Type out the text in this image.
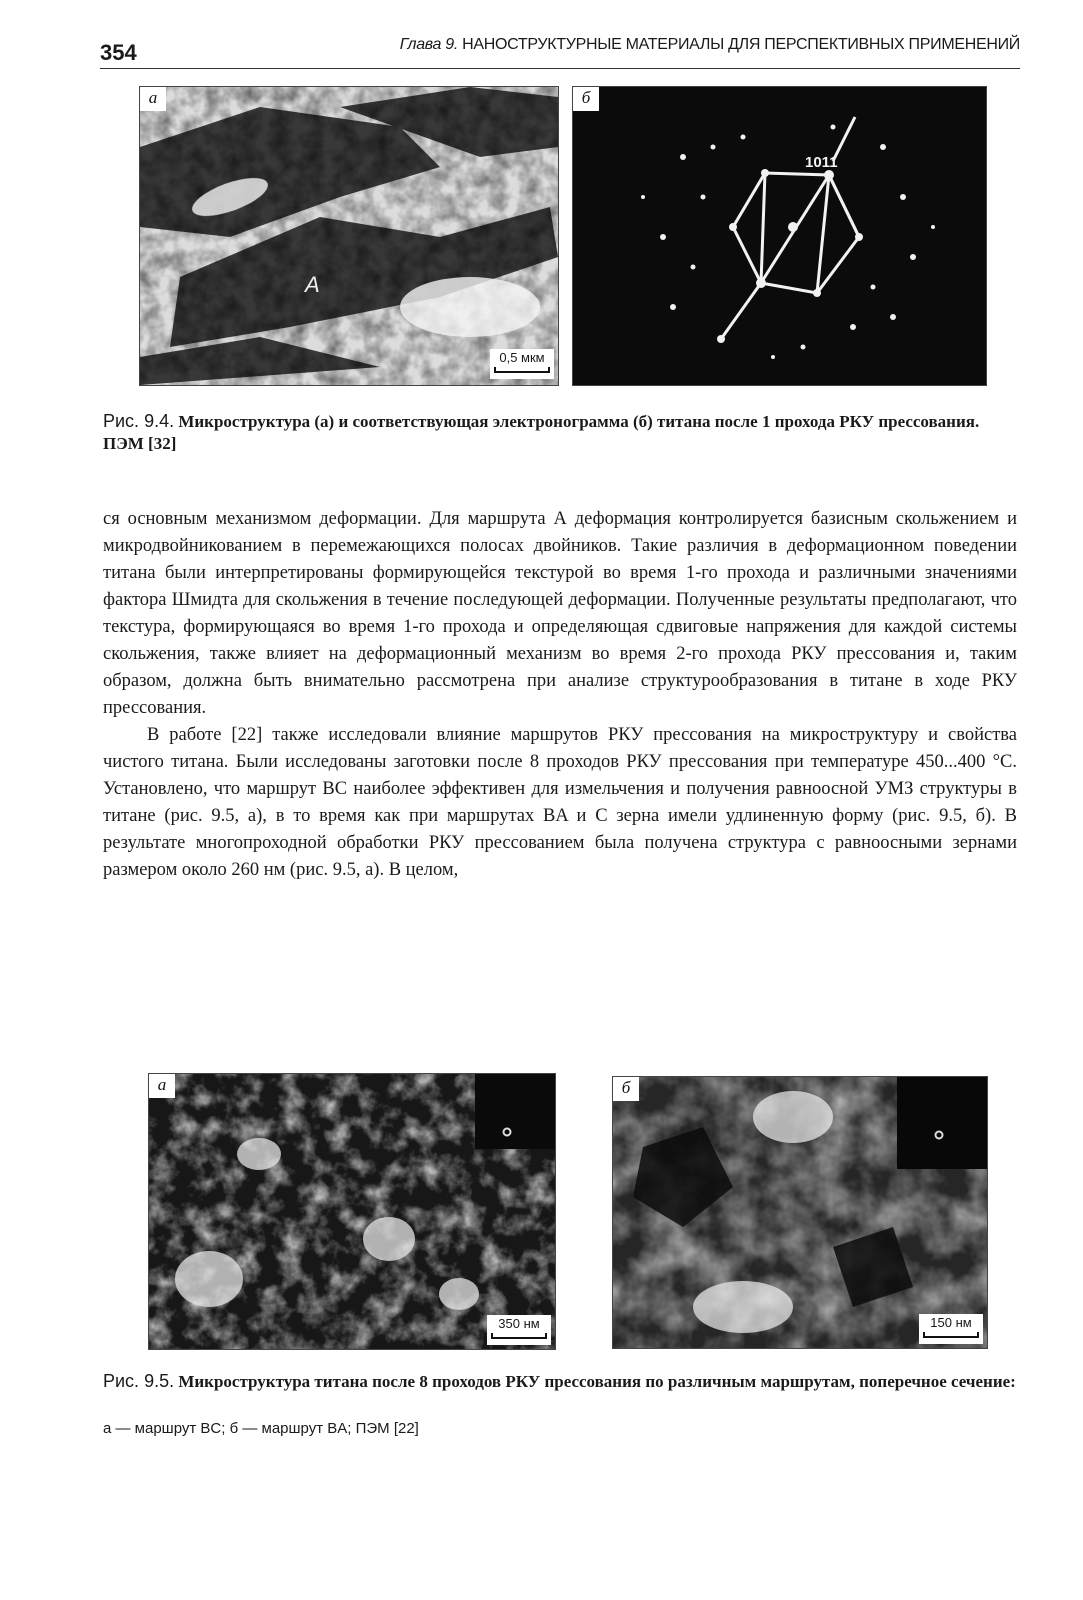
354	Глава 9. НАНОСТРУКТУРНЫЕ МАТЕРИАЛЫ ДЛЯ ПЕРСПЕКТИВНЫХ ПРИМЕНЕНИЙ
A
а
0,5 мкм
1011
б
Рис. 9.4. Микроструктура (а) и соответствующая электронограмма (б) титана после 1 прохода РКУ прессования. ПЭМ [32]

ся основным механизмом деформации. Для маршрута А деформация контролируется базисным скольжением и микродвойникованием в перемежающихся полосах двойников. Такие различия в деформационном поведении титана были интерпретированы формирующейся текстурой во время 1-го прохода и различными значениями фактора Шмидта для скольжения в течение последующей деформации. Полученные результаты предполагают, что текстура, формирующаяся во время 1-го прохода и определяющая сдвиговые напряжения для каждой системы скольжения, также влияет на деформационный механизм во время 2-го прохода РКУ прессования и, таким образом, должна быть внимательно рассмотрена при анализе структурообразования в титане в ходе РКУ прессования.

В работе [22] также исследовали влияние маршрутов РКУ прессования на микроструктуру и свойства чистого титана. Были исследованы заготовки после 8 проходов РКУ прессования при температуре 450...400 °С. Установлено, что маршрут BC наиболее эффективен для измельчения и получения равноосной УМЗ структуры в титане (рис. 9.5, а), в то время как при маршрутах BA и C зерна имели удлиненную форму (рис. 9.5, б). В результате многопроходной обработки РКУ прессованием была получена структура с равноосными зернами размером около 260 нм (рис. 9.5, а). В целом,

а
350 нм
б
150 нм
Рис. 9.5. Микроструктура титана после 8 проходов РКУ прессования по различным маршрутам, поперечное сечение:
а — маршрут BC; б — маршрут BA; ПЭМ [22]
